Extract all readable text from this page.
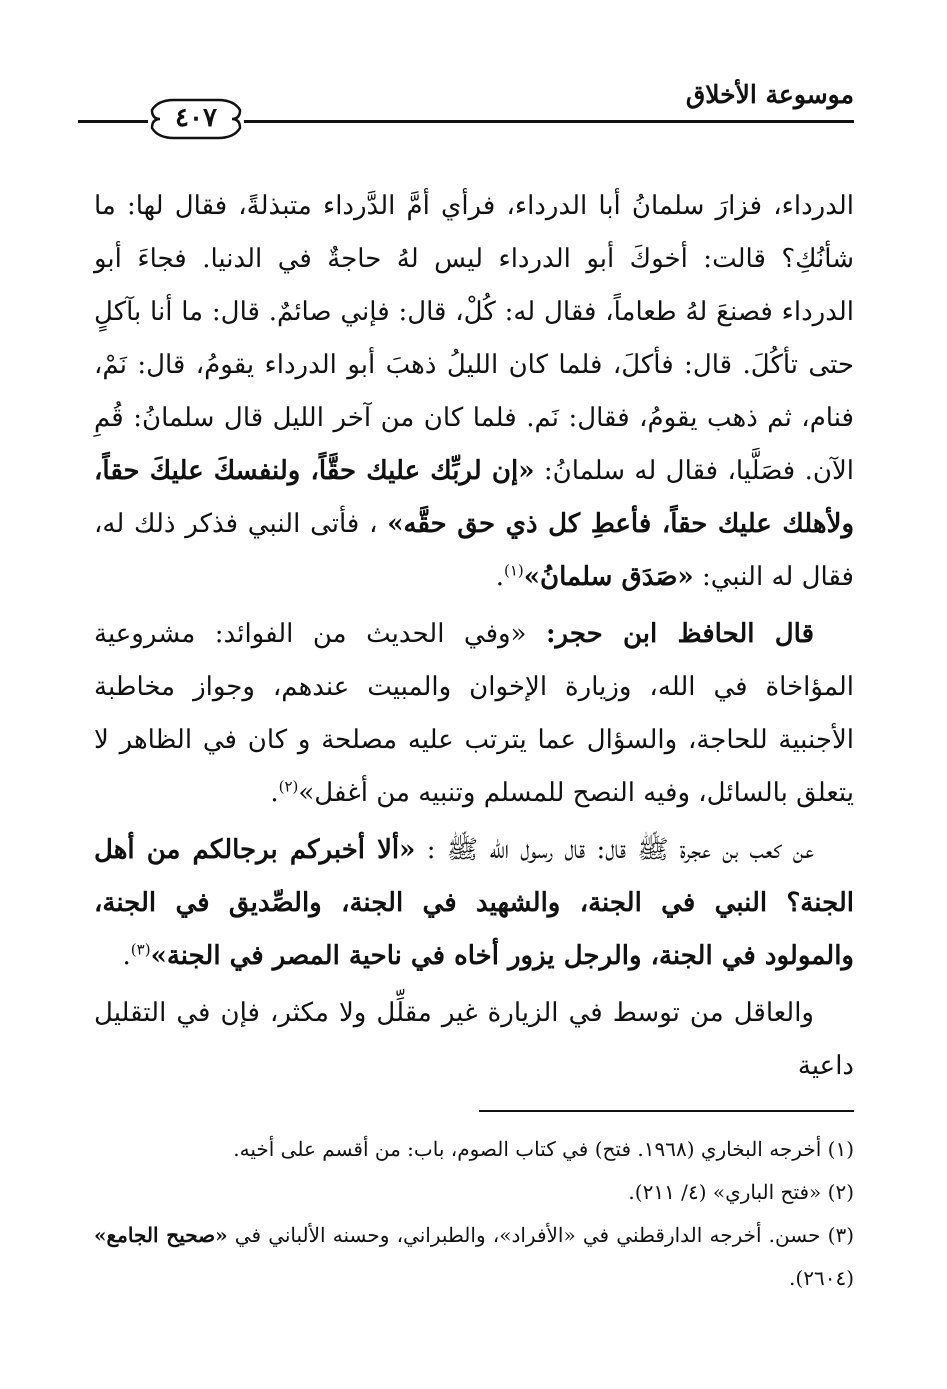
موسوعة الأخلاق
٤٠٧

الدرداء، فزارَ سلمانُ أبا الدرداء، فرأي أمَّ الدَّرداء متبذلةً، فقال لها: ما شأنُكِ؟ قالت: أخوكَ أبو الدرداء ليس لهُ حاجةٌ في الدنيا. فجاءَ أبو الدرداء فصنعَ لهُ طعاماً، فقال له: كُلْ، قال: فإني صائمٌ. قال: ما أنا بآكلٍ حتى تأكُلَ. قال: فأكلَ، فلما كان الليلُ ذهبَ أبو الدرداء يقومُ، قال: نَمْ، فنام، ثم ذهب يقومُ، فقال: نَم. فلما كان من آخر الليل قال سلمانُ: قُمِ الآن. فصَلَّيا، فقال له سلمانُ: «إن لربِّك عليك حقَّاً، ولنفسكَ عليكَ حقاً، ولأهلك عليك حقاً، فأعطِ كل ذي حق حقَّه» ، فأتى النبي فذكر ذلك له، فقال له النبي: «صَدَق سلمانُ»$^{(١)}$.

قال الحافظ ابن حجر: «وفي الحديث من الفوائد: مشروعية المؤاخاة في الله، وزيارة الإخوان والمبيت عندهم، وجواز مخاطبة الأجنبية للحاجة، والسؤال عما يترتب عليه مصلحة و كان في الظاهر لا يتعلق بالسائل، وفيه النصح للمسلم وتنبيه من أغفل»$^{(٢)}$.

عن كعب بن عجرة ﷺ قال: قال رسول اللّه ﷺ : «ألا أخبركم برجالكم من أهل الجنة؟ النبي في الجنة، والشهيد في الجنة، والصِّديق في الجنة، والمولود في الجنة، والرجل يزور أخاه في ناحية المصر في الجنة»$^{(٣)}$.

والعاقل من توسط في الزيارة غير مقلِّل ولا مكثر، فإن في التقليل داعية

(١) أخرجه البخاري (١٩٦٨. فتح) في كتاب الصوم، باب: من أقسم على أخيه.

(٢) «فتح الباري» (٤/ ٢١١).

(٣) حسن. أخرجه الدارقطني في «الأفراد»، والطبراني، وحسنه الألباني في «صحيح الجامع» (٢٦٠٤).
